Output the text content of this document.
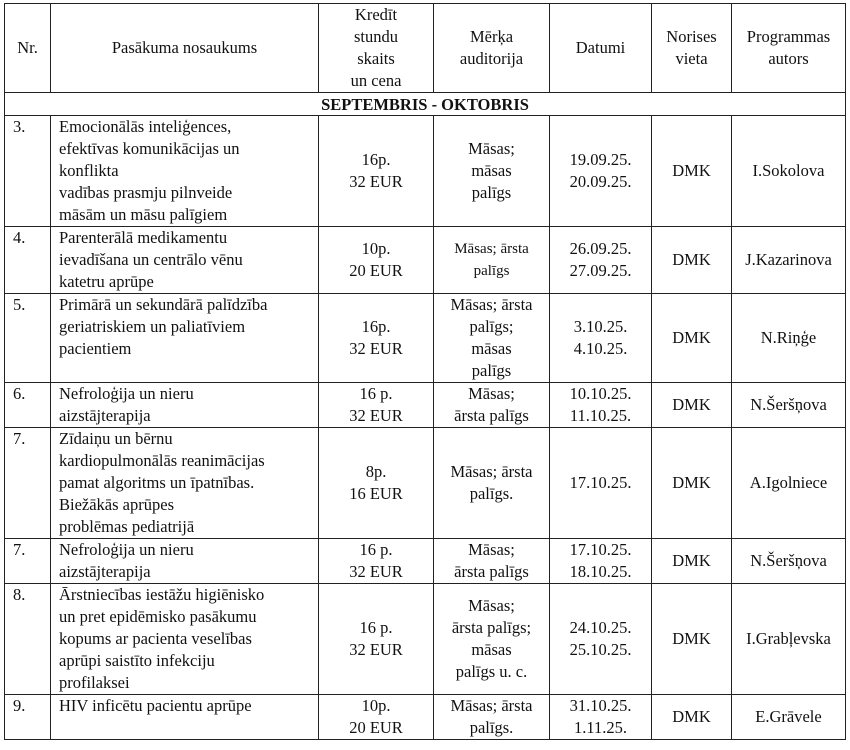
Nr.	Pasākuma nosaukums	Kredīt
stundu
skaits
un cena	Mērķa
auditorija	Datumi	Norises
vieta	Programmas
autors

SEPTEMBRIS - OKTOBRIS						
3.	Emocionālās inteliģences,
efektīvas komunikācijas un
konflikta
vadības prasmju pilnveide
māsām un māsu palīgiem	16p.
32 EUR	Māsas;
māsas
palīgs	19.09.25.
20.09.25.	DMK	I.Sokolova
4.	Parenterālā medikamentu
ievadīšana un centrālo vēnu
katetru aprūpe	10p.
20 EUR	Māsas; ārsta
palīgs	26.09.25.
27.09.25.	DMK	J.Kazarinova
5.	Primārā un sekundārā palīdzība
geriatriskiem un paliatīviem
pacientiem	16p.
32 EUR	Māsas; ārsta
palīgs;
māsas
palīgs	3.10.25.
4.10.25.	DMK	N.Riņģe
6.	Nefroloģija un nieru
aizstājterapija	16 p.
32 EUR	Māsas;
ārsta palīgs	10.10.25.
11.10.25.	DMK	N.Šeršņova
7.	Zīdaiņu un bērnu
kardiopulmonālās reanimācijas
pamat algoritms un īpatnības.
Biežākās aprūpes
problēmas pediatrijā	8p.
16 EUR	Māsas; ārsta
palīgs.	17.10.25.	DMK	A.Igolniece
7.	Nefroloģija un nieru
aizstājterapija	16 p.
32 EUR	Māsas;
ārsta palīgs	17.10.25.
18.10.25.	DMK	N.Šeršņova
8.	Ārstniecības iestāžu higiēnisko
un pret epidēmisko pasākumu
kopums ar pacienta veselības
aprūpi saistīto infekciju
profilaksei	16 p.
32 EUR	Māsas;
ārsta palīgs;
māsas
palīgs u. c.	24.10.25.
25.10.25.	DMK	I.Grabļevska
9.	HIV inficētu pacientu aprūpe	10p.
20 EUR	Māsas; ārsta
palīgs.	31.10.25.
1.11.25.	DMK	E.Grāvele
